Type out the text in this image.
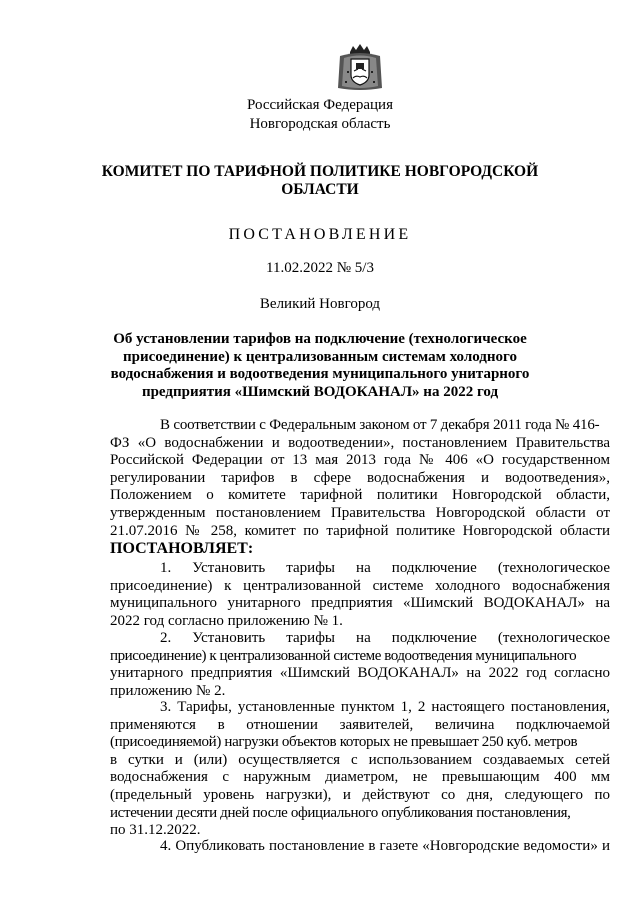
Российская Федерация
Новгородская область
КОМИТЕТ ПО ТАРИФНОЙ ПОЛИТИКЕ НОВГОРОДСКОЙ
ОБЛАСТИ
ПОСТАНОВЛЕНИЕ
11.02.2022 № 5/3
Великий Новгород
Об установлении тарифов на подключение (технологическое
присоединение) к централизованным системам холодного
водоснабжения и водоотведения муниципального унитарного
предприятия «Шимский ВОДОКАНАЛ» на 2022 год
В соответствии с Федеральным законом от 7 декабря 2011 года № 416-
ФЗ «О водоснабжении и водоотведении», постановлением Правительства
Российской Федерации от 13 мая 2013 года № 406 «О государственном
регулировании тарифов в сфере водоснабжения и водоотведения»,
Положением о комитете тарифной политики Новгородской области,
утвержденным постановлением Правительства Новгородской области от
21.07.2016 № 258, комитет по тарифной политике Новгородской области
ПОСТАНОВЛЯЕТ:
1. Установить тарифы на подключение (технологическое
присоединение) к централизованной системе холодного водоснабжения
муниципального унитарного предприятия «Шимский ВОДОКАНАЛ» на
2022 год согласно приложению № 1.
2. Установить тарифы на подключение (технологическое
присоединение) к централизованной системе водоотведения муниципального
унитарного предприятия «Шимский ВОДОКАНАЛ» на 2022 год согласно
приложению № 2.
3. Тарифы, установленные пунктом 1, 2 настоящего постановления,
применяются в отношении заявителей, величина подключаемой
(присоединяемой) нагрузки объектов которых не превышает 250 куб. метров
в сутки и (или) осуществляется с использованием создаваемых сетей
водоснабжения с наружным диаметром, не превышающим 400 мм
(предельный уровень нагрузки), и действуют со дня, следующего по
истечении десяти дней после официального опубликования постановления,
по 31.12.2022.
4. Опубликовать постановление в газете «Новгородские ведомости» и
